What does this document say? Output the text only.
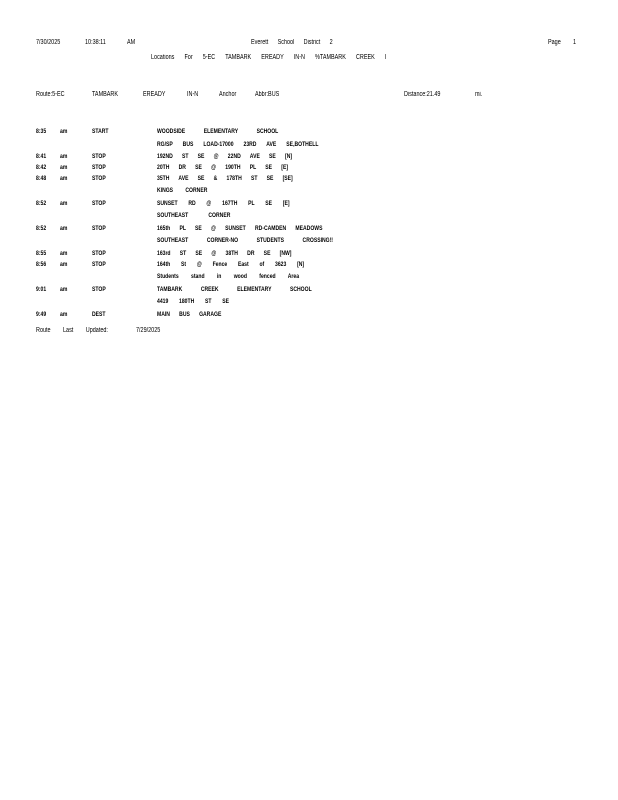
7/30/2025	10:38:11	AM	Everett School District 2	Page 1
Locations For 5-EC TAMBARK EREADY IN-N %TAMBARK CREEK I
Route:5-EC	TAMBARK	EREADY	IN-N	Anchor	Abbr:BUS	Distance:21.49	mi.
8:35 am	START	WOODSIDE ELEMENTARY SCHOOL
RG/SP BUS LOAD-17000 23RD AVE SE,BOTHELL
8:41 am	STOP	192ND ST SE @ 22ND AVE SE [N]
8:42 am	STOP	20TH DR SE @ 190TH PL SE [E]
8:48 am	STOP	35TH AVE SE & 178TH ST SE [SE]
KINGS CORNER
8:52 am	STOP	SUNSET RD @ 167TH PL SE [E]
SOUTHEAST CORNER
8:52 am	STOP	165th PL SE @ SUNSET RD-CAMDEN MEADOWS
SOUTHEAST CORNER-NO STUDENTS CROSSING!!
8:55 am	STOP	163rd ST SE @ 38TH DR SE [NW]
8:56 am	STOP	164th St @ Fence East of 3623 [N]
Students stand in wood fenced Area
9:01 am	STOP	TAMBARK CREEK ELEMENTARY SCHOOL
4419 180TH ST SE
9:49 am	DEST	MAIN BUS GARAGE
Route Last Updated:	7/29/2025
